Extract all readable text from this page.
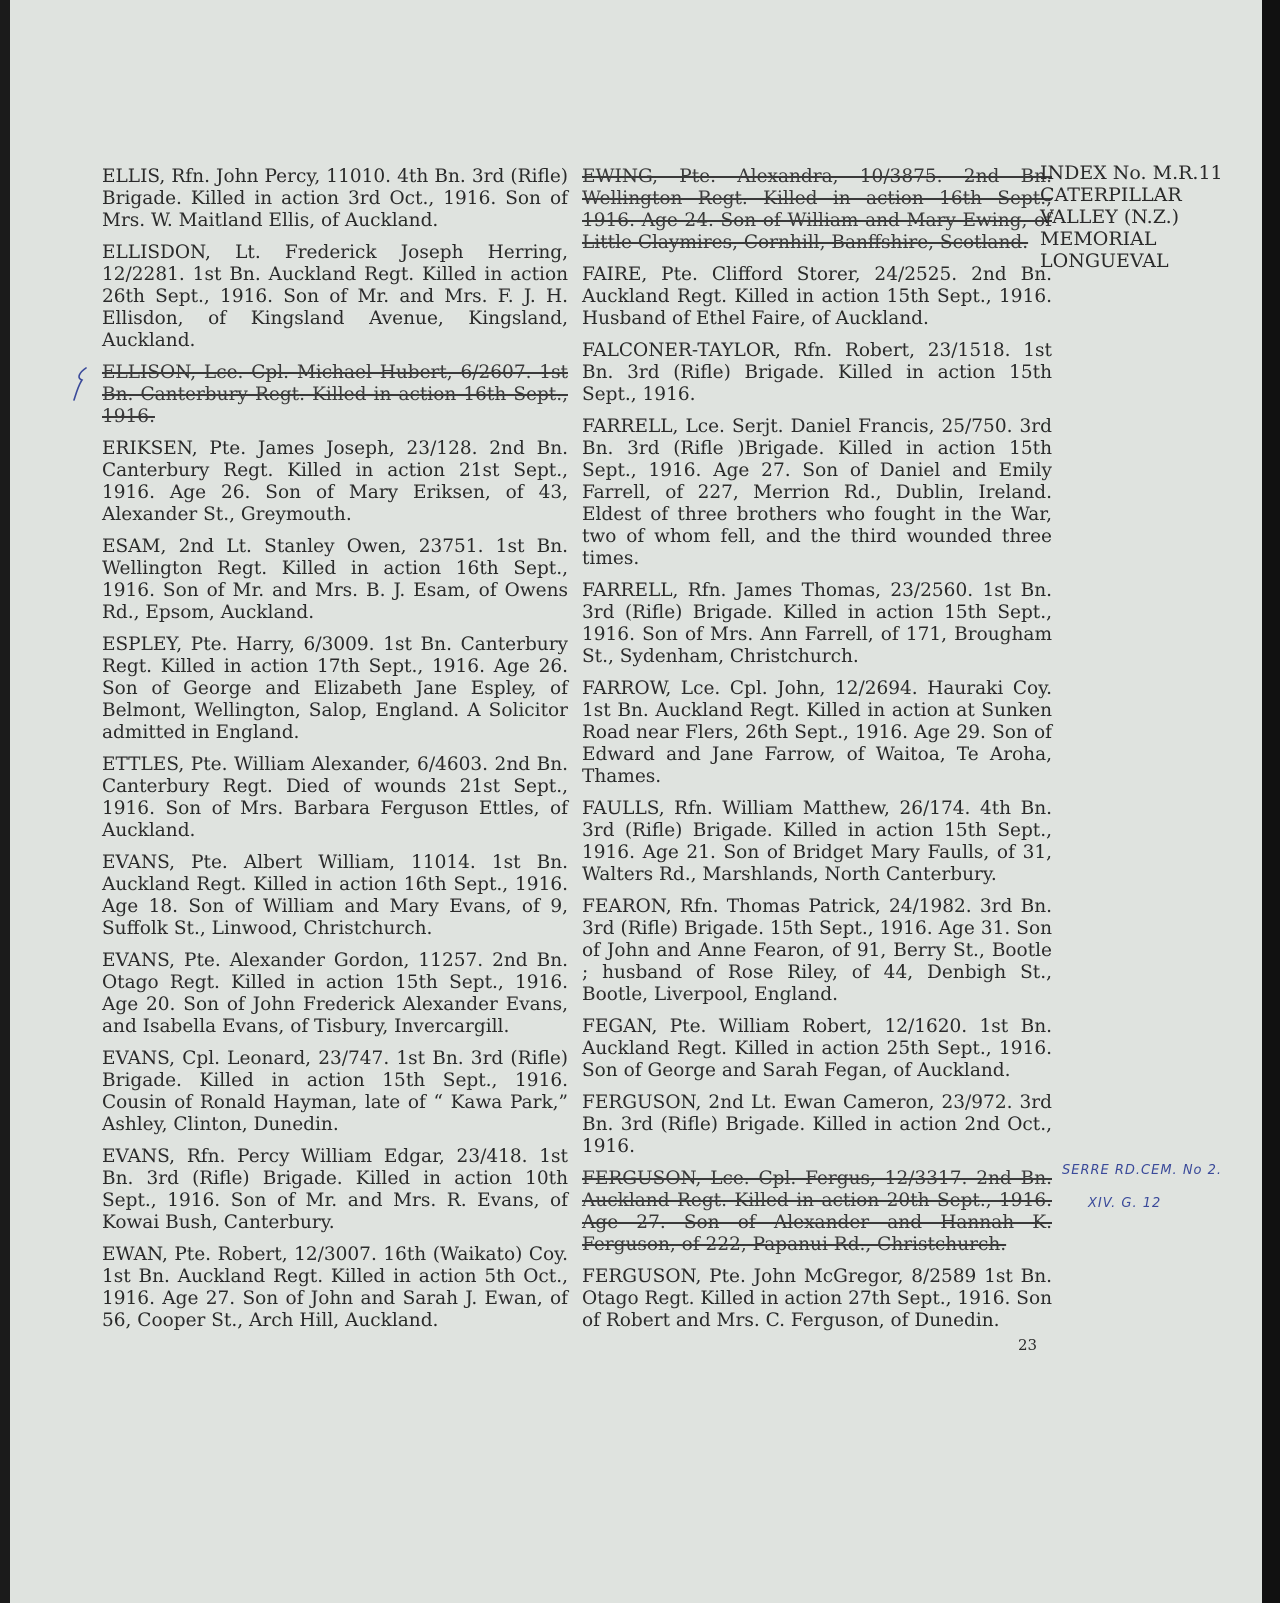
ELLIS, Rfn. John Percy, 11010. 4th Bn. 3rd (Rifle) Brigade. Killed in action 3rd Oct., 1916. Son of Mrs. W. Maitland Ellis, of Auckland.

ELLISDON, Lt. Frederick Joseph Herring, 12/2281. 1st Bn. Auckland Regt. Killed in action 26th Sept., 1916. Son of Mr. and Mrs. F. J. H. Ellisdon, of Kingsland Avenue, Kingsland, Auckland.

ELLISON, Lce. Cpl. Michael Hubert, 6/2607. 1st Bn. Canterbury Regt. Killed in action 16th Sept., 1916.

ERIKSEN, Pte. James Joseph, 23/128. 2nd Bn. Canterbury Regt. Killed in action 21st Sept., 1916. Age 26. Son of Mary Eriksen, of 43, Alexander St., Greymouth.

ESAM, 2nd Lt. Stanley Owen, 23751. 1st Bn. Wellington Regt. Killed in action 16th Sept., 1916. Son of Mr. and Mrs. B. J. Esam, of Owens Rd., Epsom, Auckland.

ESPLEY, Pte. Harry, 6/3009. 1st Bn. Canterbury Regt. Killed in action 17th Sept., 1916. Age 26. Son of George and Elizabeth Jane Espley, of Belmont, Wellington, Salop, England. A Solicitor admitted in England.

ETTLES, Pte. William Alexander, 6/4603. 2nd Bn. Canterbury Regt. Died of wounds 21st Sept., 1916. Son of Mrs. Barbara Ferguson Ettles, of Auckland.

EVANS, Pte. Albert William, 11014. 1st Bn. Auckland Regt. Killed in action 16th Sept., 1916. Age 18. Son of William and Mary Evans, of 9, Suffolk St., Linwood, Christchurch.

EVANS, Pte. Alexander Gordon, 11257. 2nd Bn. Otago Regt. Killed in action 15th Sept., 1916. Age 20. Son of John Frederick Alexander Evans, and Isabella Evans, of Tisbury, Invercargill.

EVANS, Cpl. Leonard, 23/747. 1st Bn. 3rd (Rifle) Brigade. Killed in action 15th Sept., 1916. Cousin of Ronald Hayman, late of “ Kawa Park,” Ashley, Clinton, Dunedin.

EVANS, Rfn. Percy William Edgar, 23/418. 1st Bn. 3rd (Rifle) Brigade. Killed in action 10th Sept., 1916. Son of Mr. and Mrs. R. Evans, of Kowai Bush, Canterbury.

EWAN, Pte. Robert, 12/3007. 16th (Waikato) Coy. 1st Bn. Auckland Regt. Killed in action 5th Oct., 1916. Age 27. Son of John and Sarah J. Ewan, of 56, Cooper St., Arch Hill, Auckland.

EWING, Pte. Alexandra, 10/3875. 2nd Bn. Wellington Regt. Killed in action 16th Sept., 1916. Age 24. Son of William and Mary Ewing, of Little Claymires, Cornhill, Banffshire, Scotland.

FAIRE, Pte. Clifford Storer, 24/2525. 2nd Bn. Auckland Regt. Killed in action 15th Sept., 1916. Husband of Ethel Faire, of Auckland.

FALCONER-TAYLOR, Rfn. Robert, 23/1518. 1st Bn. 3rd (Rifle) Brigade. Killed in action 15th Sept., 1916.

FARRELL, Lce. Serjt. Daniel Francis, 25/750. 3rd Bn. 3rd (Rifle )Brigade. Killed in action 15th Sept., 1916. Age 27. Son of Daniel and Emily Farrell, of 227, Merrion Rd., Dublin, Ireland. Eldest of three brothers who fought in the War, two of whom fell, and the third wounded three times.

FARRELL, Rfn. James Thomas, 23/2560. 1st Bn. 3rd (Rifle) Brigade. Killed in action 15th Sept., 1916. Son of Mrs. Ann Farrell, of 171, Brougham St., Sydenham, Christchurch.

FARROW, Lce. Cpl. John, 12/2694. Hauraki Coy. 1st Bn. Auckland Regt. Killed in action at Sunken Road near Flers, 26th Sept., 1916. Age 29. Son of Edward and Jane Farrow, of Waitoa, Te Aroha, Thames.

FAULLS, Rfn. William Matthew, 26/174. 4th Bn. 3rd (Rifle) Brigade. Killed in action 15th Sept., 1916. Age 21. Son of Bridget Mary Faulls, of 31, Walters Rd., Marshlands, North Canterbury.

FEARON, Rfn. Thomas Patrick, 24/1982. 3rd Bn. 3rd (Rifle) Brigade. 15th Sept., 1916. Age 31. Son of John and Anne Fearon, of 91, Berry St., Bootle ; husband of Rose Riley, of 44, Denbigh St., Bootle, Liverpool, England.

FEGAN, Pte. William Robert, 12/1620. 1st Bn. Auckland Regt. Killed in action 25th Sept., 1916. Son of George and Sarah Fegan, of Auckland.

FERGUSON, 2nd Lt. Ewan Cameron, 23/972. 3rd Bn. 3rd (Rifle) Brigade. Killed in action 2nd Oct., 1916.

FERGUSON, Lce. Cpl. Fergus, 12/3317. 2nd Bn. Auckland Regt. Killed in action 20th Sept., 1916. Age 27. Son of Alexander and Hannah K. Ferguson, of 222, Papanui Rd., Christchurch.

FERGUSON, Pte. John McGregor, 8/2589 1st Bn. Otago Regt. Killed in action 27th Sept., 1916. Son of Robert and Mrs. C. Ferguson, of Dunedin.

INDEX No. M.R.11
CATERPILLAR
VALLEY (N.Z.)
MEMORIAL
LONGUEVAL
23
SERRE RD.CEM. No 2.
XIV. G. 12
